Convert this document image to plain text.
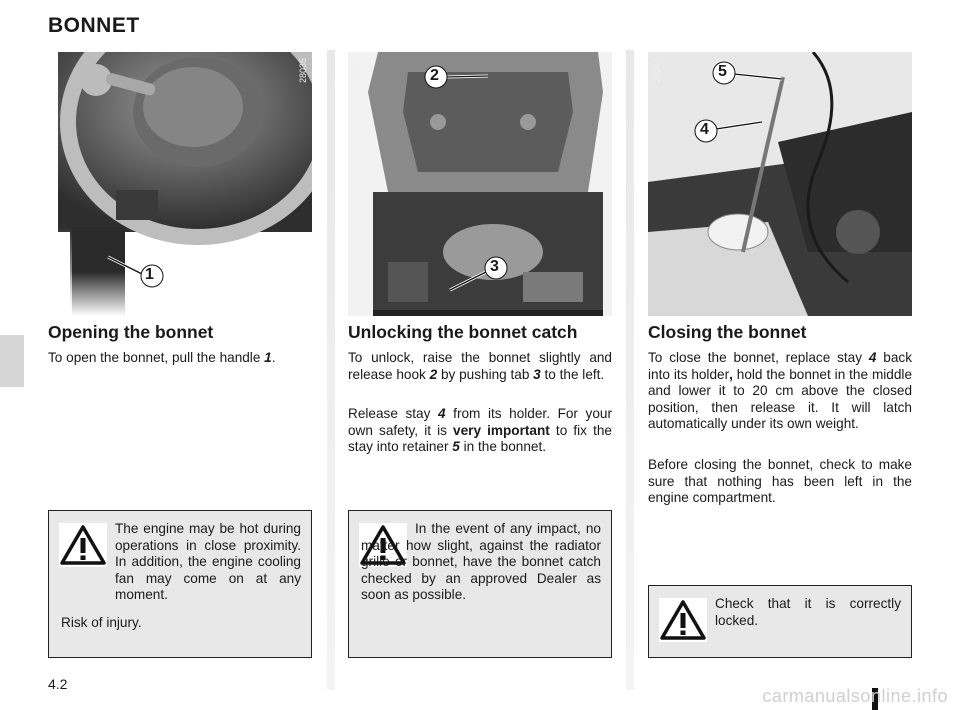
BONNET
28035
1
402B	2
3
28067	5
4
Opening the bonnet

To open the bonnet, pull the handle 1.

Unlocking the bonnet catch

To unlock, raise the bonnet slightly and release hook 2 by pushing tab 3 to the left.

Release stay 4 from its holder. For your own safety, it is very important to fix the stay into retainer 5 in the bonnet.

Closing the bonnet

To close the bonnet, replace stay 4 back into its holder, hold the bonnet in the middle and lower it to 20 cm above the closed position, then release it. It will latch automatically under its own weight.

Before closing the bonnet, check to make sure that nothing has been left in the engine compartment.

The engine may be hot during operations in close proximity. In addition, the engine cooling fan may come on at any moment.

Risk of injury.

In the event of any impact, no matter how slight, against the radiator grille or bonnet, have the bonnet catch checked by an approved Dealer as soon as possible.

Check that it is correctly locked.

4.2
carmanualsonline.info
